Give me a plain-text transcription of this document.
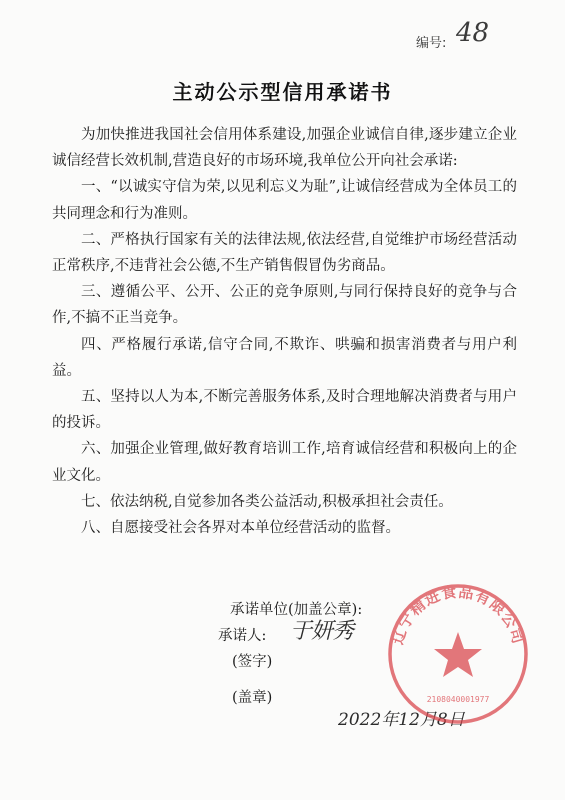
编号: 48
主动公示型信用承诺书

为加快推进我国社会信用体系建设,加强企业诚信自律,逐步建立企业诚信经营长效机制,营造良好的市场环境,我单位公开向社会承诺:

一、“以诚实守信为荣,以见利忘义为耻”,让诚信经营成为全体员工的共同理念和行为准则。

二、严格执行国家有关的法律法规,依法经营,自觉维护市场经营活动正常秩序,不违背社会公德,不生产销售假冒伪劣商品。

三、遵循公平、公开、公正的竞争原则,与同行保持良好的竞争与合作,不搞不正当竞争。

四、严格履行承诺,信守合同,不欺诈、哄骗和损害消费者与用户利益。

五、坚持以人为本,不断完善服务体系,及时合理地解决消费者与用户的投诉。

六、加强企业管理,做好教育培训工作,培育诚信经营和积极向上的企业文化。

七、依法纳税,自觉参加各类公益活动,积极承担社会责任。

八、自愿接受社会各界对本单位经营活动的监督。

承诺单位(加盖公章):
承诺人: 于妍秀
(签字)
(盖章)
2022年12月8日
辽宁精进食品有限公司
2108040001977
